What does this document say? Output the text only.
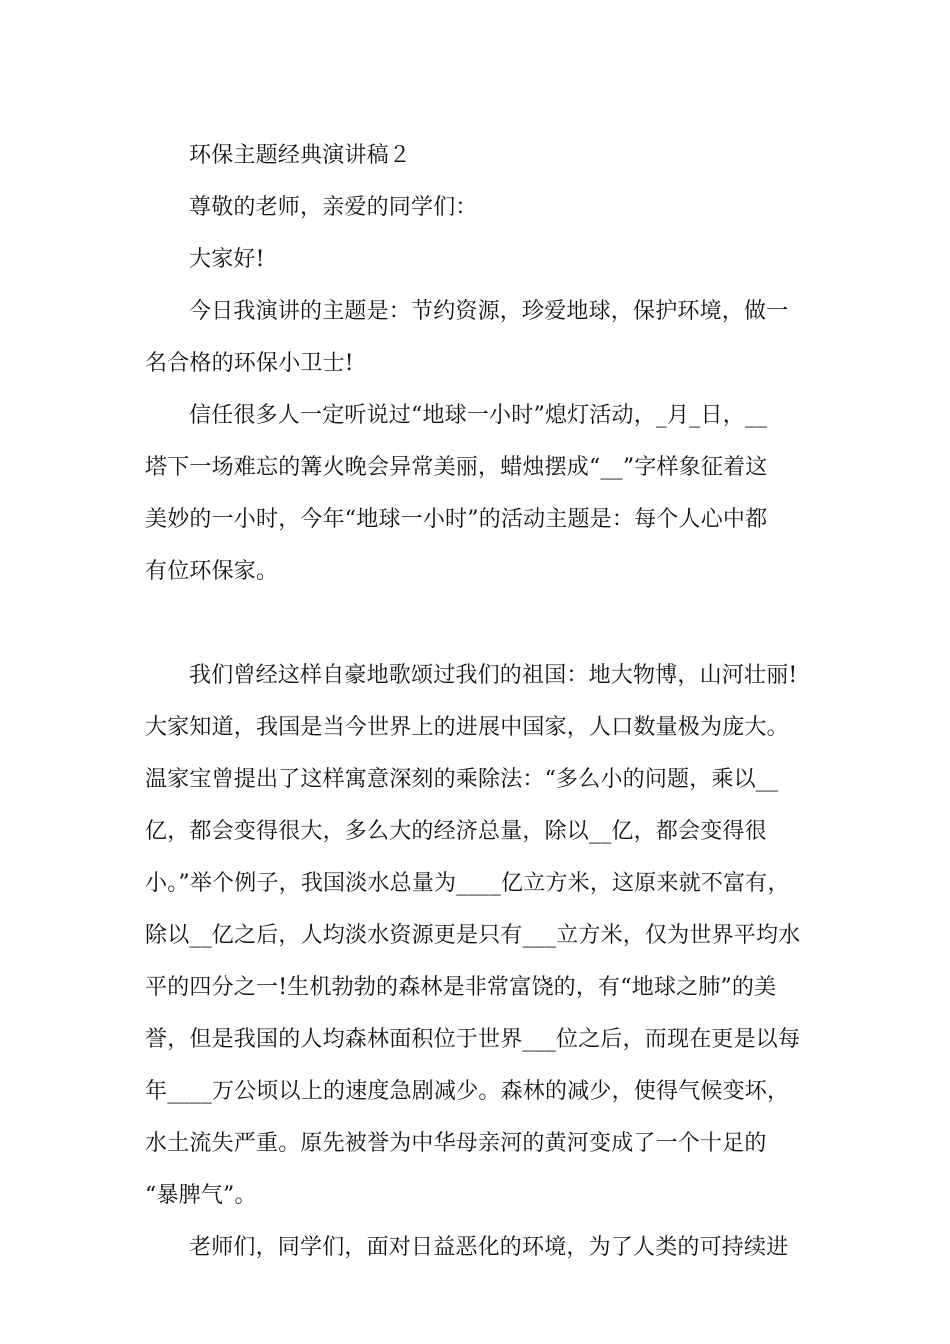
环保主题经典演讲稿２
尊敬的老师，亲爱的同学们：
大家好!
今日我演讲的主题是：节约资源，珍爱地球，保护环境，做一
名合格的环保小卫士!
信任很多人一定听说过“地球一小时”熄灯活动，_月_日，__
塔下一场难忘的篝火晚会异常美丽，蜡烛摆成“__”字样象征着这
美妙的一小时，今年“地球一小时”的活动主题是：每个人心中都
有位环保家。
我们曾经这样自豪地歌颂过我们的祖国：地大物博，山河壮丽!
大家知道，我国是当今世界上的进展中国家，人口数量极为庞大。
温家宝曾提出了这样寓意深刻的乘除法：“多么小的问题，乘以__
亿，都会变得很大，多么大的经济总量，除以__亿，都会变得很
小。”举个例子，我国淡水总量为____亿立方米，这原来就不富有，
除以__亿之后，人均淡水资源更是只有___立方米，仅为世界平均水
平的四分之一!生机勃勃的森林是非常富饶的，有“地球之肺”的美
誉，但是我国的人均森林面积位于世界___位之后，而现在更是以每
年____万公顷以上的速度急剧减少。森林的减少，使得气候变坏，
水土流失严重。原先被誉为中华母亲河的黄河变成了一个十足的
“暴脾气”。
老师们，同学们，面对日益恶化的环境，为了人类的可持续进
